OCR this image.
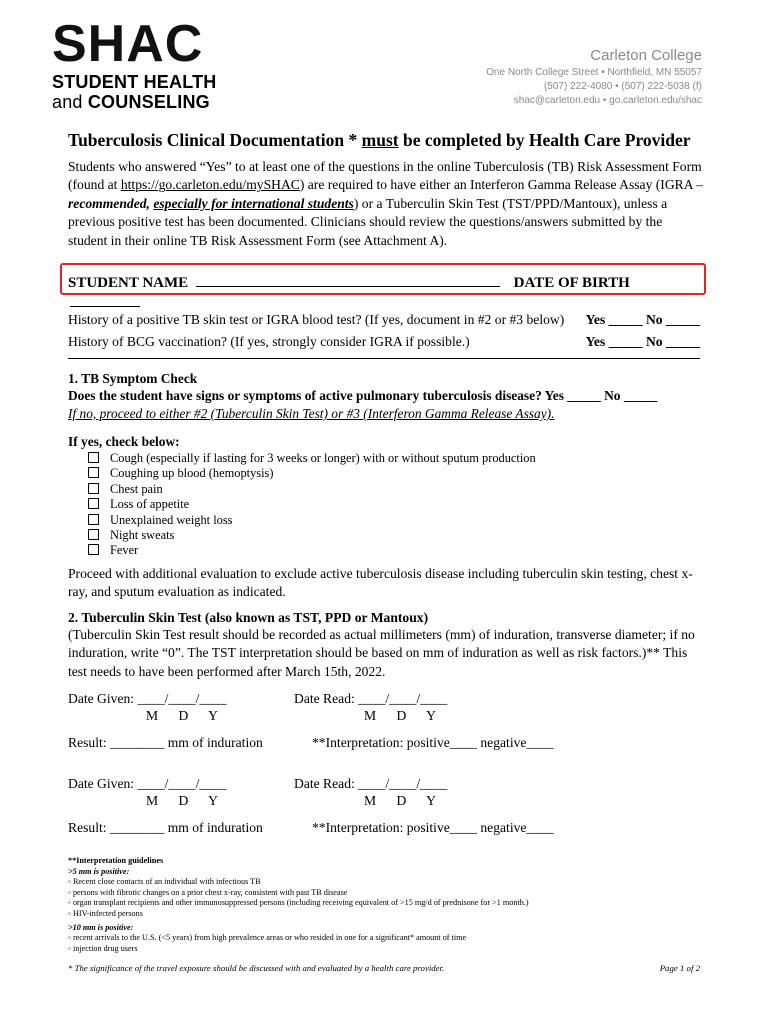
SHAC
STUDENT HEALTH
and COUNSELING
Carleton College
One North College Street • Northfield, MN 55057
(507) 222-4080 • (507) 222-5038 (f)
shac@carleton.edu • go.carleton.edu/shac
Tuberculosis Clinical Documentation * must be completed by Health Care Provider
Students who answered “Yes” to at least one of the questions in the online Tuberculosis (TB) Risk Assessment Form (found at https://go.carleton.edu/mySHAC) are required to have either an Interferon Gamma Release Assay (IGRA – recommended, especially for international students) or a Tuberculin Skin Test (TST/PPD/Mantoux), unless a previous positive test has been documented. Clinicians should review the questions/answers submitted by the student in their online TB Risk Assessment Form (see Attachment A).
STUDENT NAME	DATE OF BIRTH
History of a positive TB skin test or IGRA blood test? (If yes, document in #2 or #3 below) Yes _____ No _____
History of BCG vaccination? (If yes, strongly consider IGRA if possible.)	Yes _____ No _____
1. TB Symptom Check
Does the student have signs or symptoms of active pulmonary tuberculosis disease? Yes _____ No _____
If no, proceed to either #2 (Tuberculin Skin Test) or #3 (Interferon Gamma Release Assay).
If yes, check below:
Cough (especially if lasting for 3 weeks or longer) with or without sputum production
Coughing up blood (hemoptysis)
Chest pain
Loss of appetite
Unexplained weight loss
Night sweats
Fever
Proceed with additional evaluation to exclude active tuberculosis disease including tuberculin skin testing, chest x-ray, and sputum evaluation as indicated.
2. Tuberculin Skin Test (also known as TST, PPD or Mantoux)
(Tuberculin Skin Test result should be recorded as actual millimeters (mm) of induration, transverse diameter; if no induration, write “0”. The TST interpretation should be based on mm of induration as well as risk factors.)** This test needs to have been performed after March 15th, 2022.
Date Given: ____/____/____	Date Read: ____/____/____
M      D      Y	M      D      Y
Result: ________ mm of induration	**Interpretation: positive____ negative____
Date Given: ____/____/____	Date Read: ____/____/____
M      D      Y	M      D      Y
Result: ________ mm of induration	**Interpretation: positive____ negative____
**Interpretation guidelines
>5 mm is positive:
◦ Recent close contacts of an individual with infectious TB
◦ persons with fibrotic changes on a prior chest x-ray, consistent with past TB disease
◦ organ transplant recipients and other immunosuppressed persons (including receiving equivalent of >15 mg/d of prednisone for >1 month.)
◦ HIV-infected persons
>10 mm is positive:
◦ recent arrivals to the U.S. (<5 years) from high prevalence areas or who resided in one for a significant* amount of time
◦ injection drug users
* The significance of the travel exposure should be discussed with and evaluated by a health care provider.	Page 1 of 2
